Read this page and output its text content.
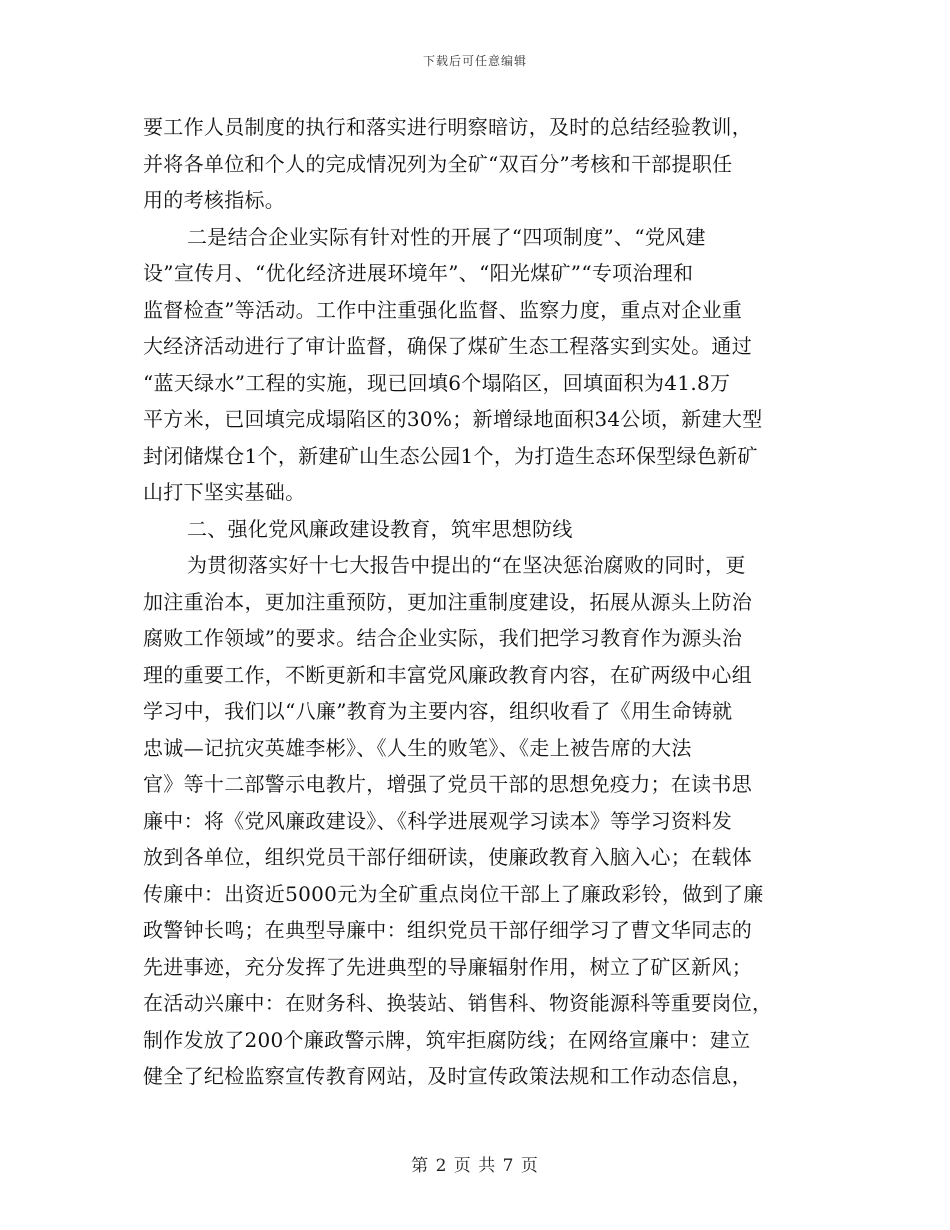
下载后可任意编辑
要工作人员制度的执行和落实进行明察暗访，及时的总结经验教训，
并将各单位和个人的完成情况列为全矿“双百分”考核和干部提职任
用的考核指标。
二是结合企业实际有针对性的开展了“四项制度”、“党风建
设”宣传月、“优化经济进展环境年”、“阳光煤矿”“专项治理和
监督检查”等活动。工作中注重强化监督、监察力度，重点对企业重
大经济活动进行了审计监督，确保了煤矿生态工程落实到实处。通过
“蓝天绿水”工程的实施，现已回填6个塌陷区，回填面积为41.8万
平方米，已回填完成塌陷区的30%；新增绿地面积34公顷，新建大型
封闭储煤仓1个，新建矿山生态公园1个，为打造生态环保型绿色新矿
山打下坚实基础。
二、强化党风廉政建设教育，筑牢思想防线
为贯彻落实好十七大报告中提出的“在坚决惩治腐败的同时，更
加注重治本，更加注重预防，更加注重制度建设，拓展从源头上防治
腐败工作领域”的要求。结合企业实际，我们把学习教育作为源头治
理的重要工作，不断更新和丰富党风廉政教育内容，在矿两级中心组
学习中，我们以“八廉”教育为主要内容，组织收看了《用生命铸就
忠诚—记抗灾英雄李彬》、《人生的败笔》、《走上被告席的大法
官》等十二部警示电教片，增强了党员干部的思想免疫力；在读书思
廉中：将《党风廉政建设》、《科学进展观学习读本》等学习资料发
放到各单位，组织党员干部仔细研读，使廉政教育入脑入心；在载体
传廉中：出资近5000元为全矿重点岗位干部上了廉政彩铃，做到了廉
政警钟长鸣；在典型导廉中：组织党员干部仔细学习了曹文华同志的
先进事迹，充分发挥了先进典型的导廉辐射作用，树立了矿区新风；
在活动兴廉中：在财务科、换装站、销售科、物资能源科等重要岗位，
制作发放了200个廉政警示牌，筑牢拒腐防线；在网络宣廉中：建立
健全了纪检监察宣传教育网站，及时宣传政策法规和工作动态信息，
第 2 页 共 7 页
